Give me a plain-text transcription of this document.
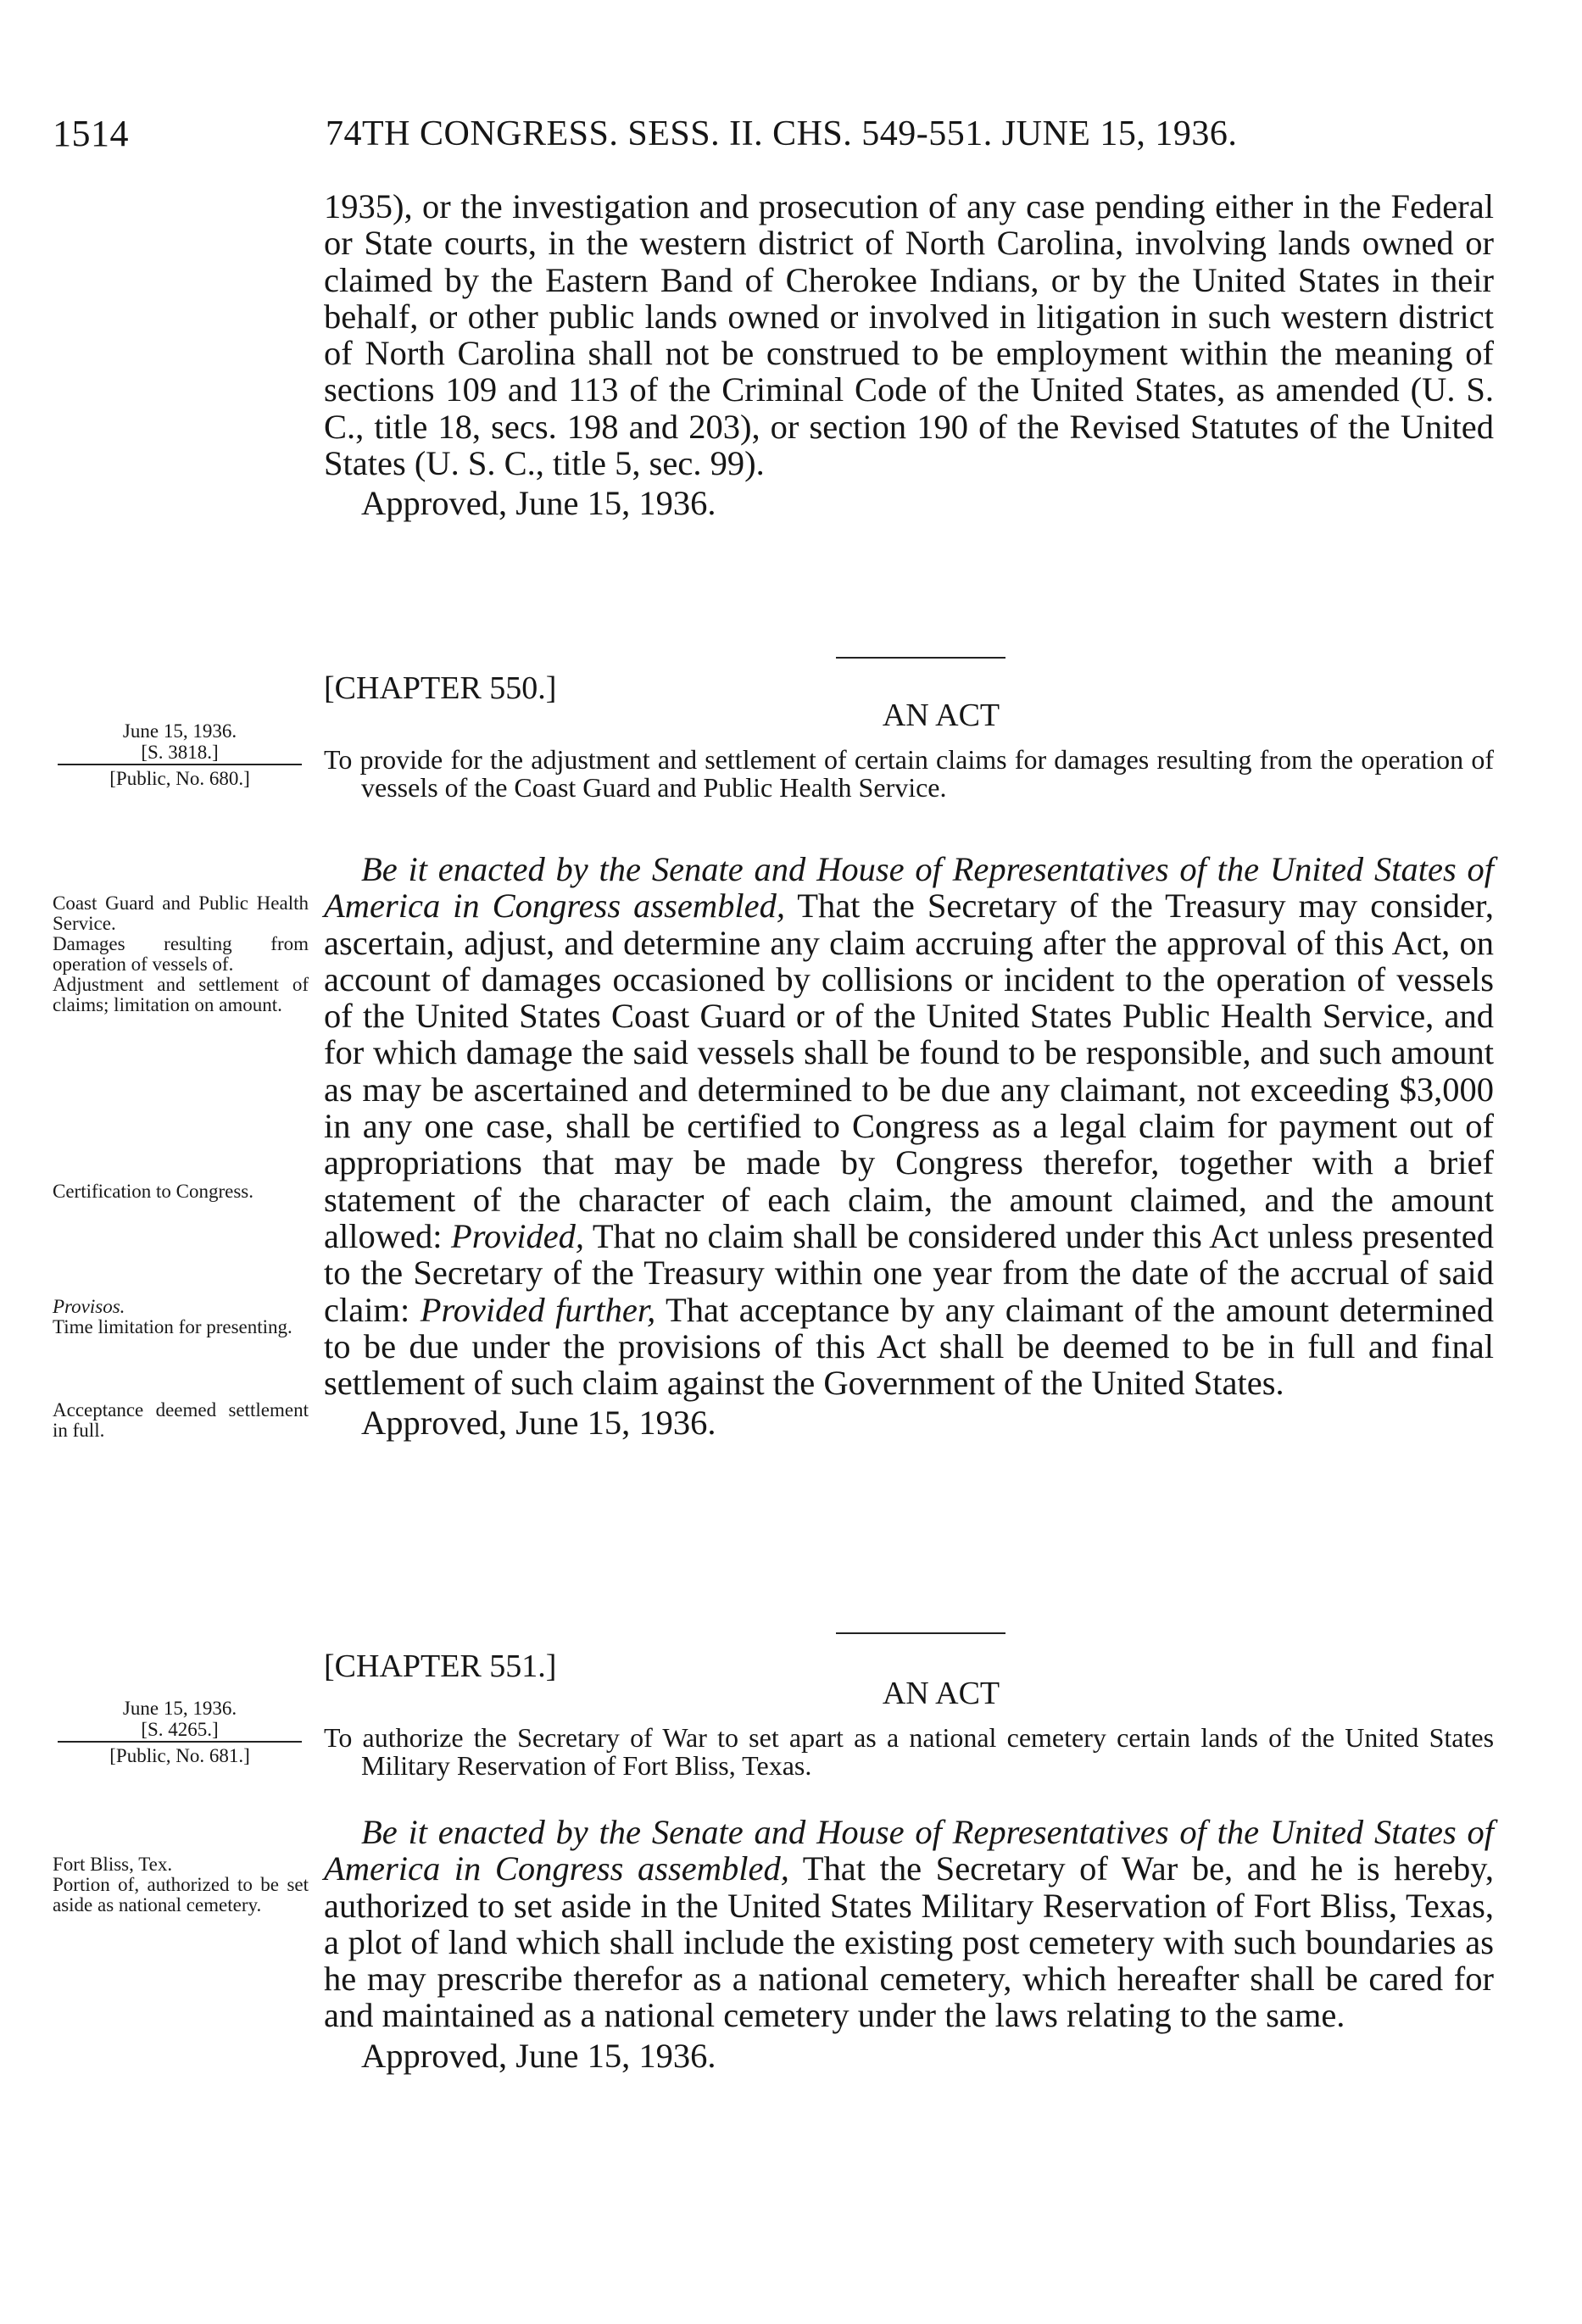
1514	74TH CONGRESS. SESS. II. CHS. 549-551. JUNE 15, 1936.

1935), or the investigation and prosecution of any case pending either in the Federal or State courts, in the western district of North Carolina, involving lands owned or claimed by the Eastern Band of Cherokee Indians, or by the United States in their behalf, or other public lands owned or involved in litigation in such western district of North Carolina shall not be construed to be employment within the meaning of sections 109 and 113 of the Criminal Code of the United States, as amended (U. S. C., title 18, secs. 198 and 203), or section 190 of the Revised Statutes of the United States (U. S. C., title 5, sec. 99).

Approved, June 15, 1936.

[CHAPTER 550.]
AN ACT
June 15, 1936.
[S. 3818.]
[Public, No. 680.]
To provide for the adjustment and settlement of certain claims for damages resulting from the operation of vessels of the Coast Guard and Public Health Service.

Be it enacted by the Senate and House of Representatives of the United States of America in Congress assembled, That the Secretary of the Treasury may consider, ascertain, adjust, and determine any claim accruing after the approval of this Act, on account of damages occasioned by collisions or incident to the operation of vessels of the United States Coast Guard or of the United States Public Health Service, and for which damage the said vessels shall be found to be responsible, and such amount as may be ascertained and determined to be due any claimant, not exceeding $3,000 in any one case, shall be certified to Congress as a legal claim for payment out of appropriations that may be made by Congress therefor, together with a brief statement of the character of each claim, the amount claimed, and the amount allowed: Provided, That no claim shall be considered under this Act unless presented to the Secretary of the Treasury within one year from the date of the accrual of said claim: Provided further, That acceptance by any claimant of the amount determined to be due under the provisions of this Act shall be deemed to be in full and final settlement of such claim against the Government of the United States.

Approved, June 15, 1936.

Coast Guard and Public Health Service.
Damages resulting from operation of vessels of.
Adjustment and settlement of claims; limitation on amount.
Certification to Congress.
Provisos.
Time limitation for presenting.
Acceptance deemed settlement in full.
[CHAPTER 551.]
AN ACT
June 15, 1936.
[S. 4265.]
[Public, No. 681.]
To authorize the Secretary of War to set apart as a national cemetery certain lands of the United States Military Reservation of Fort Bliss, Texas.

Be it enacted by the Senate and House of Representatives of the United States of America in Congress assembled, That the Secretary of War be, and he is hereby, authorized to set aside in the United States Military Reservation of Fort Bliss, Texas, a plot of land which shall include the existing post cemetery with such boundaries as he may prescribe therefor as a national cemetery, which hereafter shall be cared for and maintained as a national cemetery under the laws relating to the same.

Approved, June 15, 1936.

Fort Bliss, Tex.
Portion of, authorized to be set aside as national cemetery.
